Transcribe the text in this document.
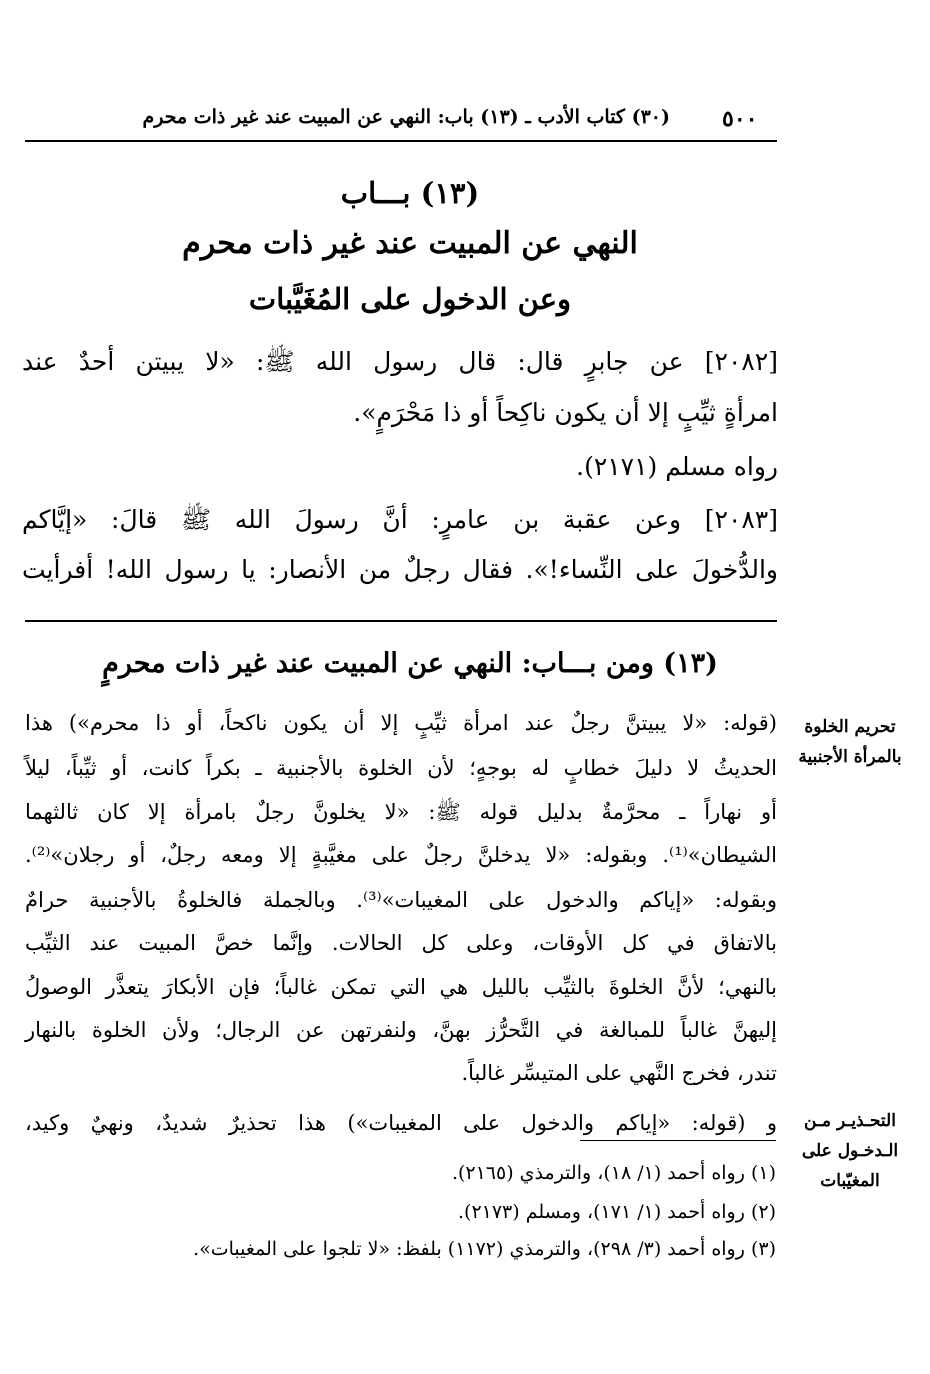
٥٠٠
(٣٠) كتاب الأدب ـ (١٣) باب: النهي عن المبيت عند غير ذات محرم
(١٣) بـــاب
النهي عن المبيت عند غير ذات محرم
وعن الدخول على المُغَيَّبات
[٢٠٨٢] عن جابرٍ قال: قال رسول الله ﷺ: «لا يبيتن أحدٌ عند
امرأةٍ ثيِّبٍ إلا أن يكون ناكِحاً أو ذا مَحْرَمٍ».
رواه مسلم (٢١٧١).
[٢٠٨٣] وعن عقبة بن عامرٍ: أنَّ رسولَ الله ﷺ قالَ: «إيَّاكم
والدُّخولَ على النِّساء!». فقال رجلٌ من الأنصار: يا رسول الله! أفرأيت
(١٣) ومن بـــاب: النهي عن المبيت عند غير ذات محرمٍ
تحريم الخلوة بالمرأة الأجنبية
التحـذيـر مـن الـدخـول على المغيّبات
(قوله: «لا يبيتنَّ رجلٌ عند امرأة ثيِّبٍ إلا أن يكون ناكحاً، أو ذا محرم») هذا
الحديثُ لا دليلَ خطابٍ له بوجهٍ؛ لأن الخلوة بالأجنبية ـ بكراً كانت، أو ثيِّباً، ليلاً
أو نهاراً ـ محرَّمةٌ بدليل قوله ﷺ: «لا يخلونَّ رجلٌ بامرأة إلا كان ثالثهما
الشيطان»⁽¹⁾. وبقوله: «لا يدخلنَّ رجلٌ على مغيَّبةٍ إلا ومعه رجلٌ، أو رجلان»⁽²⁾.
وبقوله: «إياكم والدخول على المغيبات»⁽³⁾. وبالجملة فالخلوةُ بالأجنبية حرامٌ
بالاتفاق في كل الأوقات، وعلى كل الحالات. وإنَّما خصَّ المبيت عند الثيِّب
بالنهي؛ لأنَّ الخلوةَ بالثيِّب بالليل هي التي تمكن غالباً؛ فإن الأبكارَ يتعذَّر الوصولُ
إليهنَّ غالباً للمبالغة في التَّحرُّز بهنَّ، ولنفرتهن عن الرجال؛ ولأن الخلوة بالنهار
تندر، فخرج النَّهي على المتيسِّر غالباً.
و (قوله: «إياكم والدخول على المغيبات») هذا تحذيرٌ شديدٌ، ونهيٌ وكيد،
(١) رواه أحمد (١/ ١٨)، والترمذي (٢١٦٥).
(٢) رواه أحمد (١/ ١٧١)، ومسلم (٢١٧٣).
(٣) رواه أحمد (٣/ ٢٩٨)، والترمذي (١١٧٢) بلفظ: «لا تلجوا على المغيبات».
